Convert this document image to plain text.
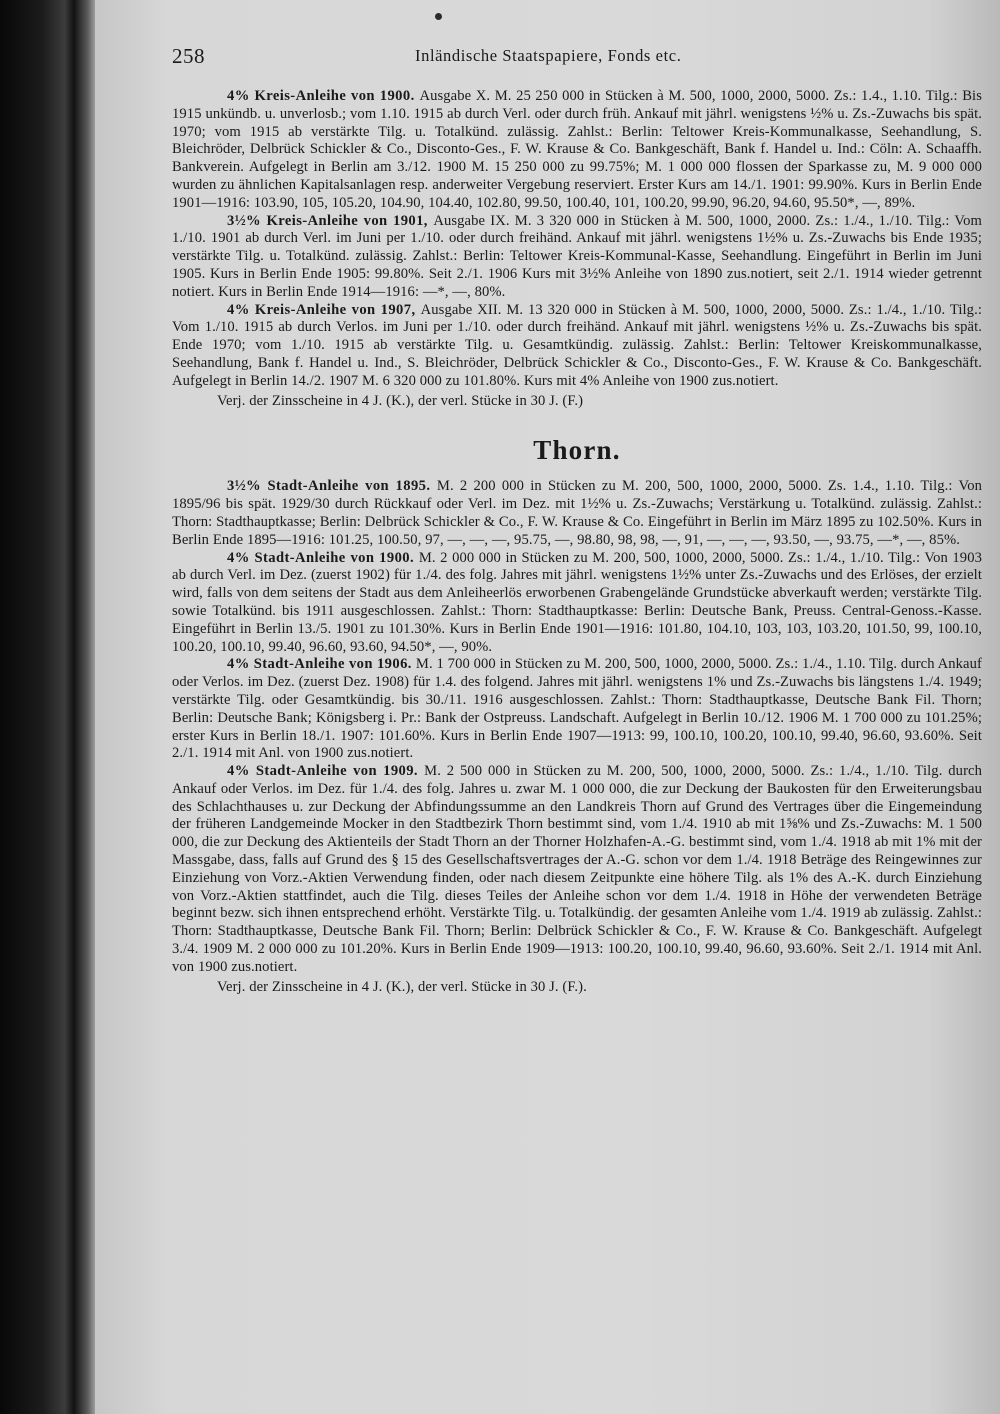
258	Inländische Staatspapiere, Fonds etc.

4% Kreis-Anleihe von 1900. Ausgabe X. M. 25 250 000 in Stücken à M. 500, 1000, 2000, 5000. Zs.: 1.4., 1.10. Tilg.: Bis 1915 unkündb. u. unverlosb.; vom 1.10. 1915 ab durch Verl. oder durch früh. Ankauf mit jährl. wenigstens ½% u. Zs.-Zuwachs bis spät. 1970; vom 1915 ab verstärkte Tilg. u. Totalkünd. zulässig. Zahlst.: Berlin: Teltower Kreis-Kommunalkasse, Seehandlung, S. Bleichröder, Delbrück Schickler & Co., Disconto-Ges., F. W. Krause & Co. Bankgeschäft, Bank f. Handel u. Ind.: Cöln: A. Schaaffh. Bankverein. Aufgelegt in Berlin am 3./12. 1900 M. 15 250 000 zu 99.75%; M. 1 000 000 flossen der Sparkasse zu, M. 9 000 000 wurden zu ähnlichen Kapitalsanlagen resp. anderweiter Vergebung reserviert. Erster Kurs am 14./1. 1901: 99.90%. Kurs in Berlin Ende 1901—1916: 103.90, 105, 105.20, 104.90, 104.40, 102.80, 99.50, 100.40, 101, 100.20, 99.90, 96.20, 94.60, 95.50*, —, 89%.

3½% Kreis-Anleihe von 1901, Ausgabe IX. M. 3 320 000 in Stücken à M. 500, 1000, 2000. Zs.: 1./4., 1./10. Tilg.: Vom 1./10. 1901 ab durch Verl. im Juni per 1./10. oder durch freihänd. Ankauf mit jährl. wenigstens 1½% u. Zs.-Zuwachs bis Ende 1935; verstärkte Tilg. u. Totalkünd. zulässig. Zahlst.: Berlin: Teltower Kreis-Kommunal-Kasse, Seehandlung. Eingeführt in Berlin im Juni 1905. Kurs in Berlin Ende 1905: 99.80%. Seit 2./1. 1906 Kurs mit 3½% Anleihe von 1890 zus.notiert, seit 2./1. 1914 wieder getrennt notiert. Kurs in Berlin Ende 1914—1916: —*, —, 80%.

4% Kreis-Anleihe von 1907, Ausgabe XII. M. 13 320 000 in Stücken à M. 500, 1000, 2000, 5000. Zs.: 1./4., 1./10. Tilg.: Vom 1./10. 1915 ab durch Verlos. im Juni per 1./10. oder durch freihänd. Ankauf mit jährl. wenigstens ½% u. Zs.-Zuwachs bis spät. Ende 1970; vom 1./10. 1915 ab verstärkte Tilg. u. Gesamtkündig. zulässig. Zahlst.: Berlin: Teltower Kreiskommunalkasse, Seehandlung, Bank f. Handel u. Ind., S. Bleichröder, Delbrück Schickler & Co., Disconto-Ges., F. W. Krause & Co. Bankgeschäft. Aufgelegt in Berlin 14./2. 1907 M. 6 320 000 zu 101.80%. Kurs mit 4% Anleihe von 1900 zus.notiert.

Verj. der Zinsscheine in 4 J. (K.), der verl. Stücke in 30 J. (F.)

Thorn.

3½% Stadt-Anleihe von 1895. M. 2 200 000 in Stücken zu M. 200, 500, 1000, 2000, 5000. Zs. 1.4., 1.10. Tilg.: Von 1895/96 bis spät. 1929/30 durch Rückkauf oder Verl. im Dez. mit 1½% u. Zs.-Zuwachs; Verstärkung u. Totalkünd. zulässig. Zahlst.: Thorn: Stadthauptkasse; Berlin: Delbrück Schickler & Co., F. W. Krause & Co. Eingeführt in Berlin im März 1895 zu 102.50%. Kurs in Berlin Ende 1895—1916: 101.25, 100.50, 97, —, —, —, 95.75, —, 98.80, 98, 98, —, 91, —, —, —, 93.50, —, 93.75, —*, —, 85%.

4% Stadt-Anleihe von 1900. M. 2 000 000 in Stücken zu M. 200, 500, 1000, 2000, 5000. Zs.: 1./4., 1./10. Tilg.: Von 1903 ab durch Verl. im Dez. (zuerst 1902) für 1./4. des folg. Jahres mit jährl. wenigstens 1½% unter Zs.-Zuwachs und des Erlöses, der erzielt wird, falls von dem seitens der Stadt aus dem Anleiheerlös erworbenen Grabengelände Grundstücke abverkauft werden; verstärkte Tilg. sowie Totalkünd. bis 1911 ausgeschlossen. Zahlst.: Thorn: Stadthauptkasse: Berlin: Deutsche Bank, Preuss. Central-Genoss.-Kasse. Eingeführt in Berlin 13./5. 1901 zu 101.30%. Kurs in Berlin Ende 1901—1916: 101.80, 104.10, 103, 103, 103.20, 101.50, 99, 100.10, 100.20, 100.10, 99.40, 96.60, 93.60, 94.50*, —, 90%.

4% Stadt-Anleihe von 1906. M. 1 700 000 in Stücken zu M. 200, 500, 1000, 2000, 5000. Zs.: 1./4., 1.10. Tilg. durch Ankauf oder Verlos. im Dez. (zuerst Dez. 1908) für 1.4. des folgend. Jahres mit jährl. wenigstens 1% und Zs.-Zuwachs bis längstens 1./4. 1949; verstärkte Tilg. oder Gesamtkündig. bis 30./11. 1916 ausgeschlossen. Zahlst.: Thorn: Stadthauptkasse, Deutsche Bank Fil. Thorn; Berlin: Deutsche Bank; Königsberg i. Pr.: Bank der Ostpreuss. Landschaft. Aufgelegt in Berlin 10./12. 1906 M. 1 700 000 zu 101.25%; erster Kurs in Berlin 18./1. 1907: 101.60%. Kurs in Berlin Ende 1907—1913: 99, 100.10, 100.20, 100.10, 99.40, 96.60, 93.60%. Seit 2./1. 1914 mit Anl. von 1900 zus.notiert.

4% Stadt-Anleihe von 1909. M. 2 500 000 in Stücken zu M. 200, 500, 1000, 2000, 5000. Zs.: 1./4., 1./10. Tilg. durch Ankauf oder Verlos. im Dez. für 1./4. des folg. Jahres u. zwar M. 1 000 000, die zur Deckung der Baukosten für den Erweiterungsbau des Schlachthauses u. zur Deckung der Abfindungssumme an den Landkreis Thorn auf Grund des Vertrages über die Eingemeindung der früheren Landgemeinde Mocker in den Stadtbezirk Thorn bestimmt sind, vom 1./4. 1910 ab mit 1⅝% und Zs.-Zuwachs: M. 1 500 000, die zur Deckung des Aktienteils der Stadt Thorn an der Thorner Holzhafen-A.-G. bestimmt sind, vom 1./4. 1918 ab mit 1% mit der Massgabe, dass, falls auf Grund des § 15 des Gesellschaftsvertrages der A.-G. schon vor dem 1./4. 1918 Beträge des Reingewinnes zur Einziehung von Vorz.-Aktien Verwendung finden, oder nach diesem Zeitpunkte eine höhere Tilg. als 1% des A.-K. durch Einziehung von Vorz.-Aktien stattfindet, auch die Tilg. dieses Teiles der Anleihe schon vor dem 1./4. 1918 in Höhe der verwendeten Beträge beginnt bezw. sich ihnen entsprechend erhöht. Verstärkte Tilg. u. Totalkündig. der gesamten Anleihe vom 1./4. 1919 ab zulässig. Zahlst.: Thorn: Stadthauptkasse, Deutsche Bank Fil. Thorn; Berlin: Delbrück Schickler & Co., F. W. Krause & Co. Bankgeschäft. Aufgelegt 3./4. 1909 M. 2 000 000 zu 101.20%. Kurs in Berlin Ende 1909—1913: 100.20, 100.10, 99.40, 96.60, 93.60%. Seit 2./1. 1914 mit Anl. von 1900 zus.notiert.

Verj. der Zinsscheine in 4 J. (K.), der verl. Stücke in 30 J. (F.).
